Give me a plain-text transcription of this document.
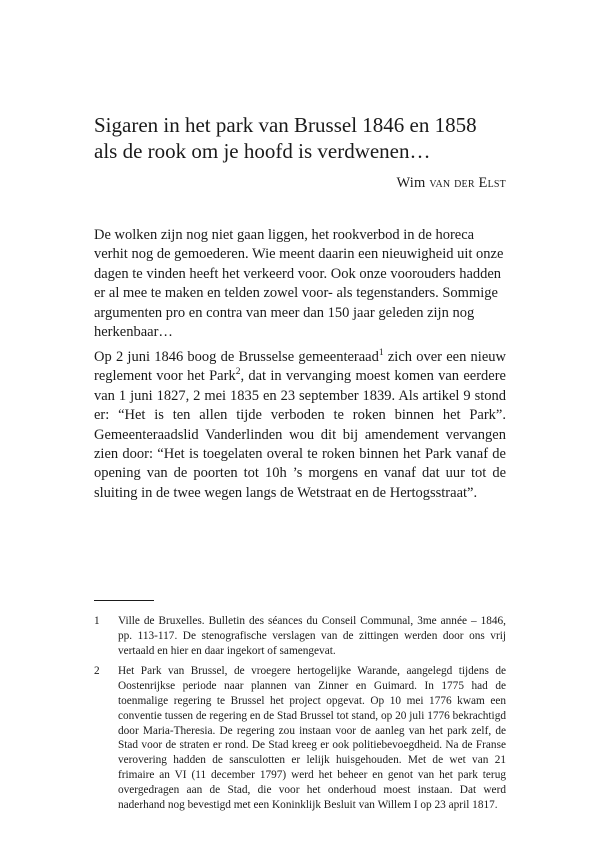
Sigaren in het park van Brussel 1846 en 1858
als de rook om je hoofd is verdwenen…
Wim van der Elst

De wolken zijn nog niet gaan liggen, het rookverbod in de horeca verhit nog de gemoederen. Wie meent daarin een nieuwigheid uit onze dagen te vinden heeft het verkeerd voor. Ook onze voorouders hadden er al mee te maken en telden zowel voor- als tegenstanders. Sommige argumenten pro en contra van meer dan 150 jaar geleden zijn nog herkenbaar…

Op 2 juni 1846 boog de Brusselse gemeenteraad$^1$ zich over een nieuw reglement voor het Park$^2$, dat in vervanging moest komen van eerdere van 1 juni 1827, 2 mei 1835 en 23 september 1839. Als artikel 9 stond er: “Het is ten allen tijde verboden te roken binnen het Park”. Gemeenteraadslid Vanderlinden wou dit bij amendement vervangen zien door: “Het is toegelaten overal te roken binnen het Park vanaf de opening van de poorten tot 10h ’s morgens en vanaf dat uur tot de sluiting in de twee wegen langs de Wetstraat en de Hertogsstraat”.

1	Ville de Bruxelles. Bulletin des séances du Conseil Communal, 3me année – 1846, pp. 113-117. De stenografische verslagen van de zittingen werden door ons vrij vertaald en hier en daar ingekort of samengevat.
2	Het Park van Brussel, de vroegere hertogelijke Warande, aangelegd tijdens de Oostenrijkse periode naar plannen van Zinner en Guimard. In 1775 had de toenmalige regering te Brussel het project opgevat. Op 10 mei 1776 kwam een conventie tussen de regering en de Stad Brussel tot stand, op 20 juli 1776 bekrachtigd door Maria-Theresia. De regering zou instaan voor de aanleg van het park zelf, de Stad voor de straten er rond. De Stad kreeg er ook politiebevoegdheid. Na de Franse verovering hadden de sansculotten er lelijk huisgehouden. Met de wet van 21 frimaire an VI (11 december 1797) werd het beheer en genot van het park terug overgedragen aan de Stad, die voor het onderhoud moest instaan. Dat werd naderhand nog bevestigd met een Koninklijk Besluit van Willem I op 23 april 1817.
